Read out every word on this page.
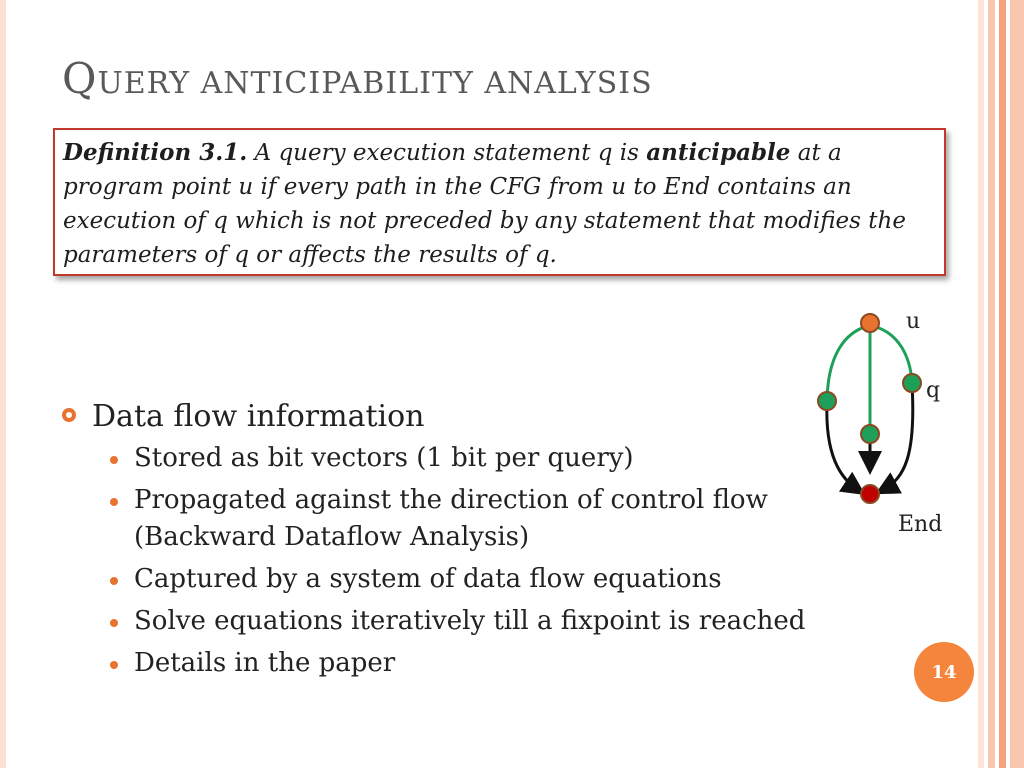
QUERY ANTICIPABILITY ANALYSIS
Definition 3.1. A query execution statement q is anticipable at a program point u if every path in the CFG from u to End contains an execution of q which is not preceded by any statement that modifies the parameters of q or affects the results of q.
Data flow information
Stored as bit vectors (1 bit per query)
Propagated against the direction of control flow (Backward Dataflow Analysis)
Captured by a system of data flow equations
Solve equations iteratively till a fixpoint is reached
Details in the paper
u
q
End
14
